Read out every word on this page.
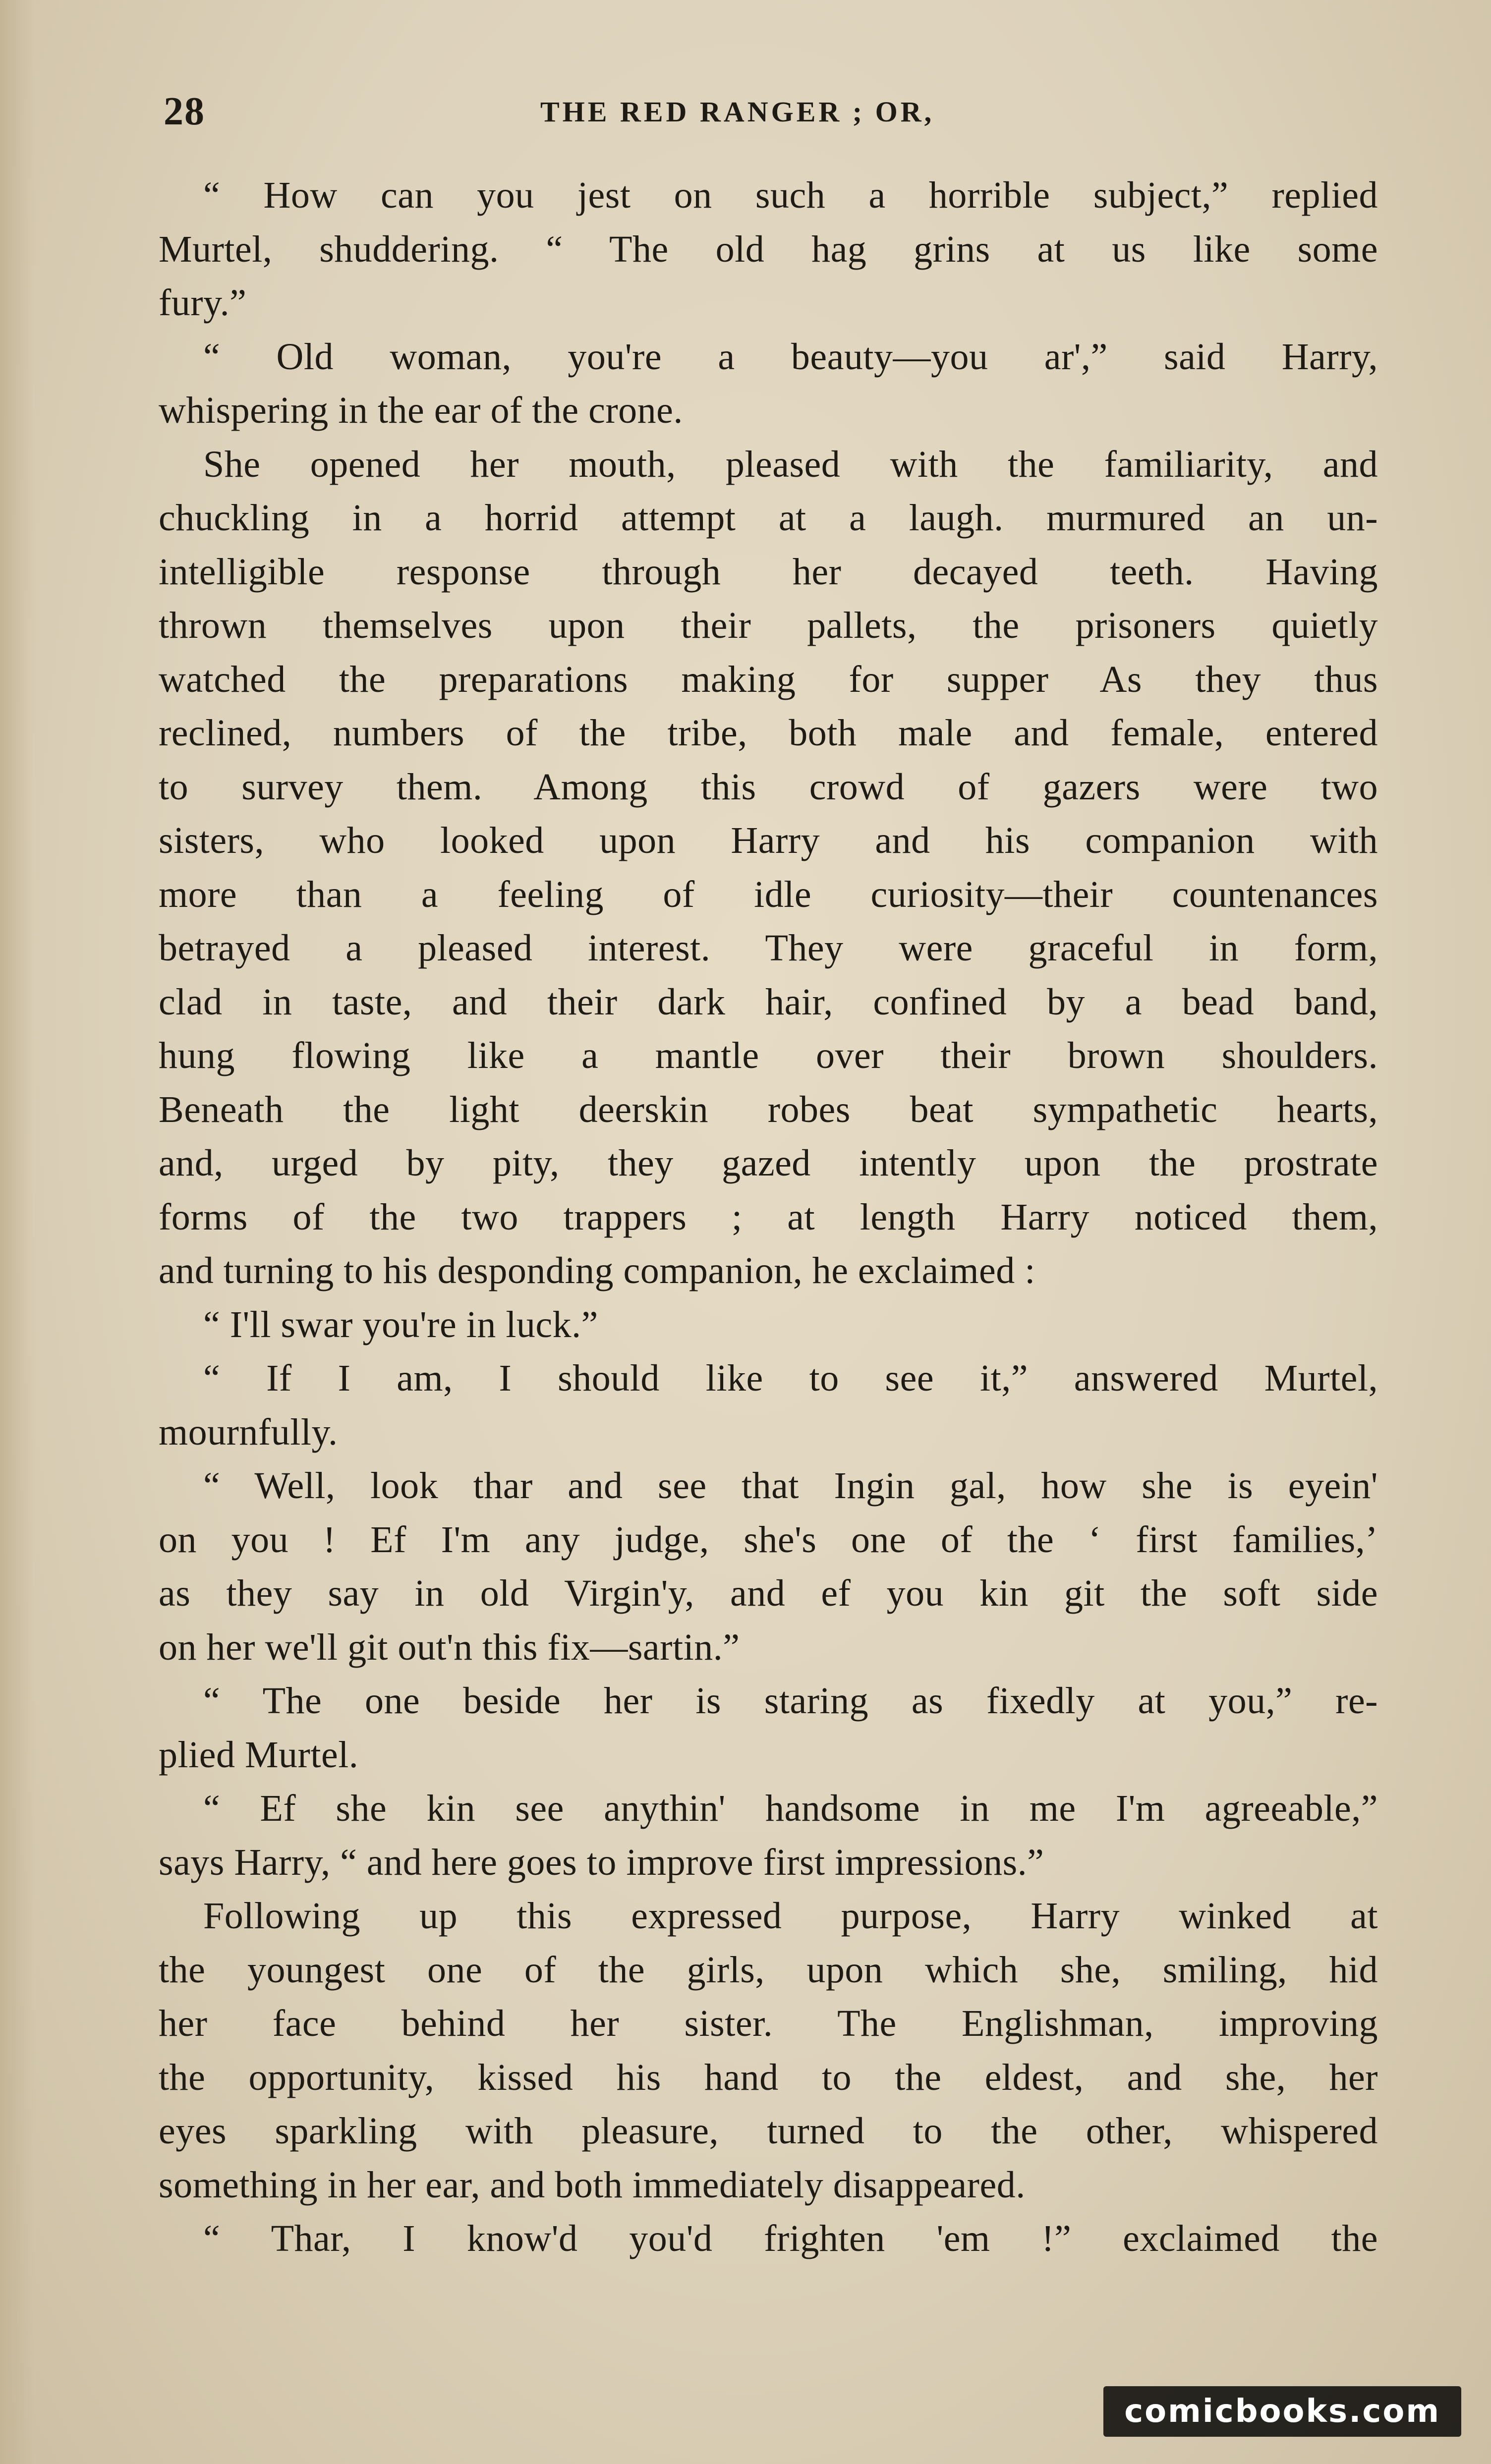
28	THE RED RANGER ; OR,
“ How can you jest on such a horrible subject,” replied
Murtel, shuddering. “ The old hag grins at us like some
fury.”
“ Old woman, you're a beauty—you ar',” said Harry,
whispering in the ear of the crone.
She opened her mouth, pleased with the familiarity, and
chuckling in a horrid attempt at a laugh. murmured an un-
intelligible response through her decayed teeth. Having
thrown themselves upon their pallets, the prisoners quietly
watched the preparations making for supper As they thus
reclined, numbers of the tribe, both male and female, entered
to survey them. Among this crowd of gazers were two
sisters, who looked upon Harry and his companion with
more than a feeling of idle curiosity—their countenances
betrayed a pleased interest. They were graceful in form,
clad in taste, and their dark hair, confined by a bead band,
hung flowing like a mantle over their brown shoulders.
Beneath the light deerskin robes beat sympathetic hearts,
and, urged by pity, they gazed intently upon the prostrate
forms of the two trappers ; at length Harry noticed them,
and turning to his desponding companion, he exclaimed :
“ I'll swar you're in luck.”
“ If I am, I should like to see it,” answered Murtel,
mournfully.
“ Well, look thar and see that Ingin gal, how she is eyein'
on you ! Ef I'm any judge, she's one of the ‘ first families,’
as they say in old Virgin'y, and ef you kin git the soft side
on her we'll git out'n this fix—sartin.”
“ The one beside her is staring as fixedly at you,” re-
plied Murtel.
“ Ef she kin see anythin' handsome in me I'm agreeable,”
says Harry, “ and here goes to improve first impressions.”
Following up this expressed purpose, Harry winked at
the youngest one of the girls, upon which she, smiling, hid
her face behind her sister. The Englishman, improving
the opportunity, kissed his hand to the eldest, and she, her
eyes sparkling with pleasure, turned to the other, whispered
something in her ear, and both immediately disappeared.
“ Thar, I know'd you'd frighten 'em !” exclaimed the
comicbooks.com
